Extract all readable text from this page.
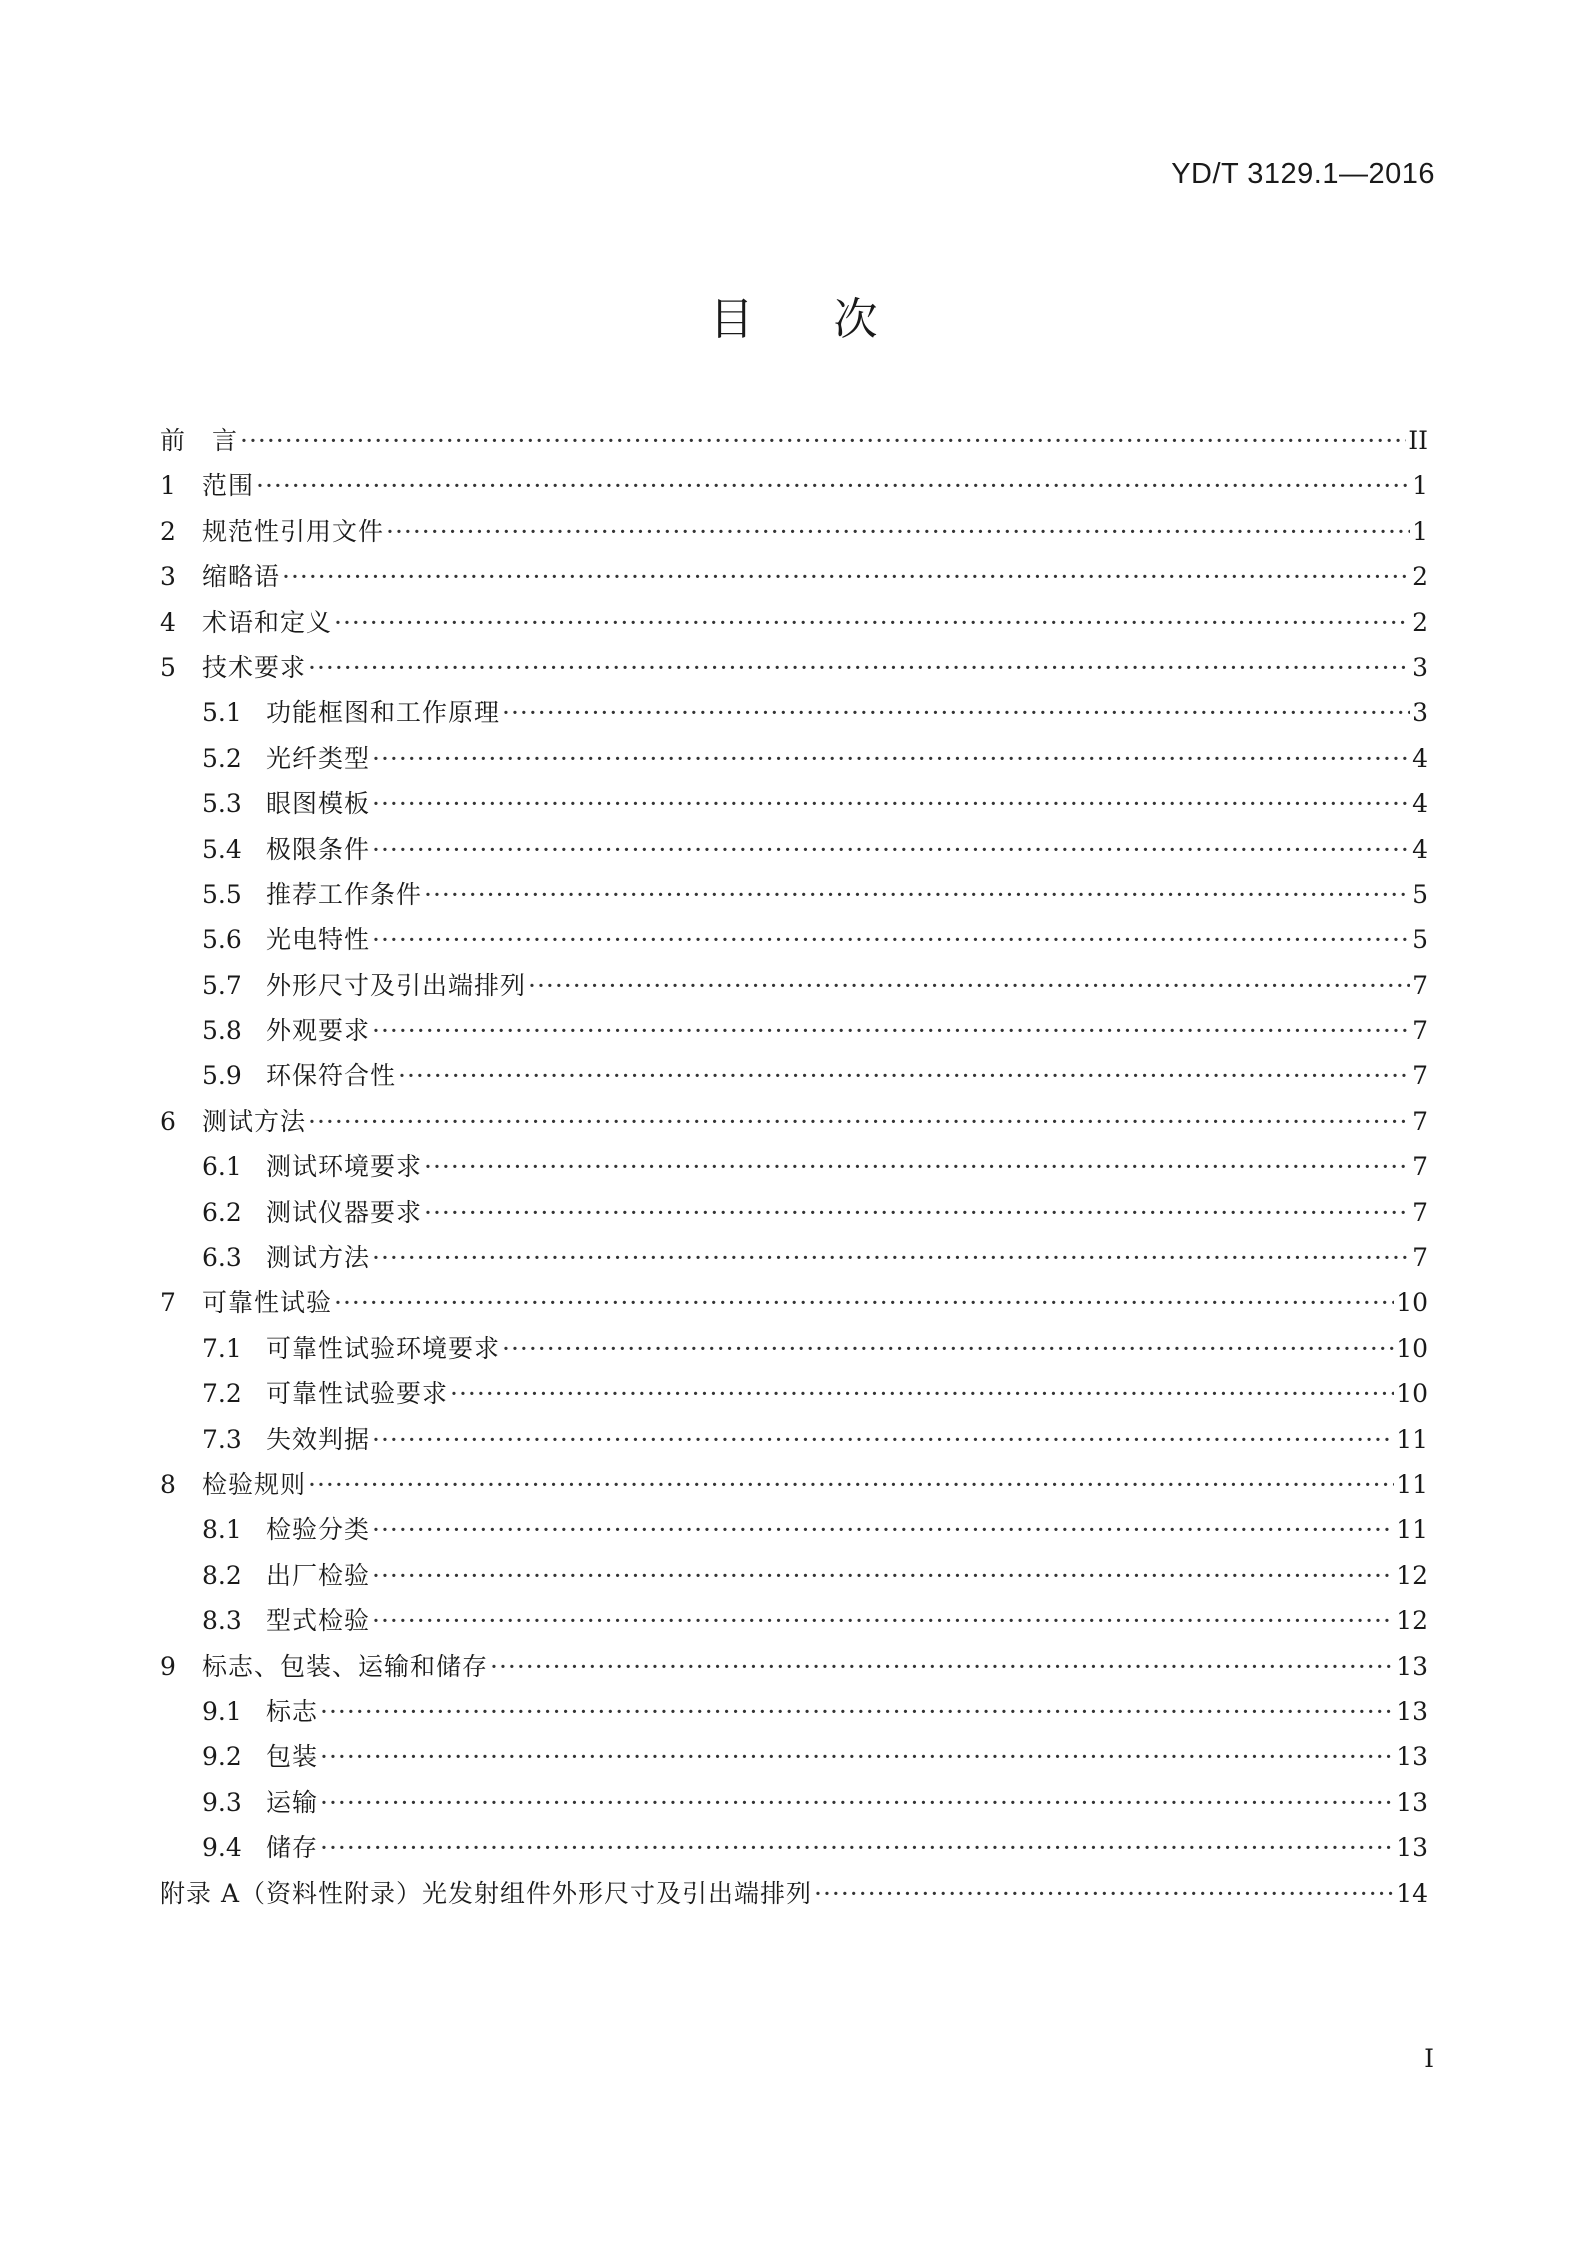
YD/T 3129.1—2016
目 次
前　言 ·····	II
1	范围 ·····	1
2	规范性引用文件 ·····	1
3	缩略语 ·····	2
4	术语和定义 ·····	2
5	技术要求 ·····	3
5.1 功能框图和工作原理 ·····	3
5.2 光纤类型 ·····	4
5.3 眼图模板 ·····	4
5.4 极限条件 ·····	4
5.5 推荐工作条件 ·····	5
5.6 光电特性 ·····	5
5.7 外形尺寸及引出端排列 ·····	7
5.8 外观要求 ·····	7
5.9 环保符合性 ·····	7
6	测试方法 ·····	7
6.1 测试环境要求 ·····	7
6.2 测试仪器要求 ·····	7
6.3 测试方法 ·····	7
7	可靠性试验 ·····	10
7.1 可靠性试验环境要求 ·····	10
7.2 可靠性试验要求 ·····	10
7.3 失效判据 ·····	11
8	检验规则 ·····	11
8.1 检验分类 ·····	11
8.2 出厂检验 ·····	12
8.3 型式检验 ·····	12
9	标志、包装、运输和储存 ·····	13
9.1 标志 ·····	13
9.2 包装 ·····	13
9.3 运输 ·····	13
9.4 储存 ·····	13
附录 A（资料性附录）光发射组件外形尺寸及引出端排列 ·····	14
I
